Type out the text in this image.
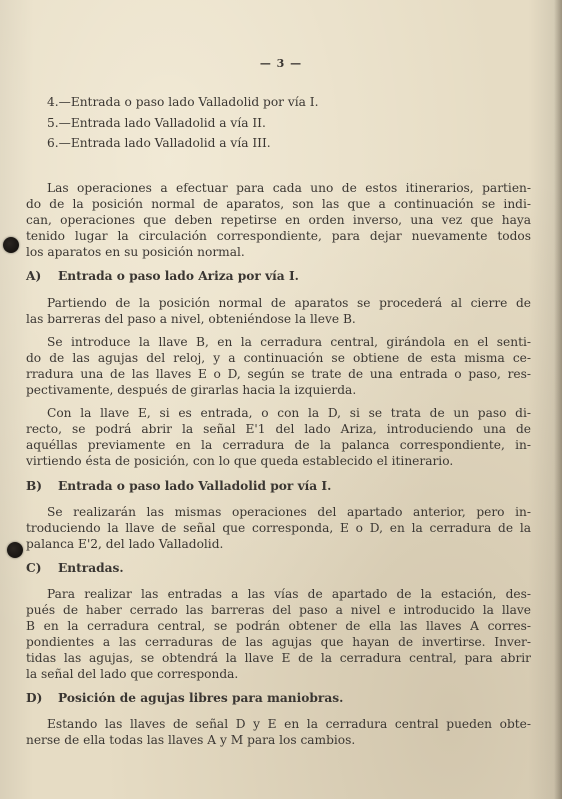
— 3 —
4.—Entrada o paso lado Valladolid por vía I.
5.—Entrada lado Valladolid a vía II.
6.—Entrada lado Valladolid a vía III.
Las operaciones a efectuar para cada uno de estos itinerarios, partien-
do de la posición normal de aparatos, son las que a continuación se indi-
can, operaciones que deben repetirse en orden inverso, una vez que haya
tenido lugar la circulación correspondiente, para dejar nuevamente todos
los aparatos en su posición normal.
A) Entrada o paso lado Ariza por vía I.
Partiendo de la posición normal de aparatos se procederá al cierre de
las barreras del paso a nivel, obteniéndose la lleve B.
Se introduce la llave B, en la cerradura central, girándola en el senti-
do de las agujas del reloj, y a continuación se obtiene de esta misma ce-
rradura una de las llaves E o D, según se trate de una entrada o paso, res-
pectivamente, después de girarlas hacia la izquierda.
Con la llave E, si es entrada, o con la D, si se trata de un paso di-
recto, se podrá abrir la señal E'1 del lado Ariza, introduciendo una de
aquéllas previamente en la cerradura de la palanca correspondiente, in-
virtiendo ésta de posición, con lo que queda establecido el itinerario.
B) Entrada o paso lado Valladolid por vía I.
Se realizarán las mismas operaciones del apartado anterior, pero in-
troduciendo la llave de señal que corresponda, E o D, en la cerradura de la
palanca E'2, del lado Valladolid.
C) Entradas.
Para realizar las entradas a las vías de apartado de la estación, des-
pués de haber cerrado las barreras del paso a nivel e introducido la llave
B en la cerradura central, se podrán obtener de ella las llaves A corres-
pondientes a las cerraduras de las agujas que hayan de invertirse. Inver-
tidas las agujas, se obtendrá la llave E de la cerradura central, para abrir
la señal del lado que corresponda.
D) Posición de agujas libres para maniobras.
Estando las llaves de señal D y E en la cerradura central pueden obte-
nerse de ella todas las llaves A y M para los cambios.
